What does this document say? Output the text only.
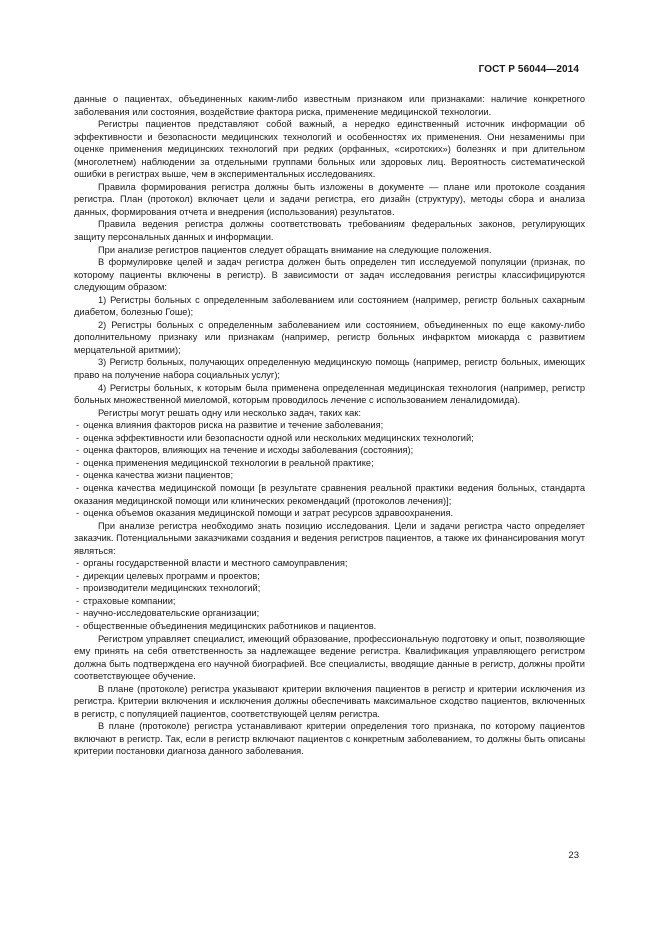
ГОСТ Р 56044—2014

данные о пациентах, объединенных каким-либо известным признаком или признаками: наличие конкретного заболевания или состояния, воздействие фактора риска, применение медицинской технологии.

Регистры пациентов представляют собой важный, а нередко единственный источник информации об эффективности и безопасности медицинских технологий и особенностях их применения. Они незаменимы при оценке применения медицинских технологий при редких (орфанных, «сиротских») болезнях и при длительном (многолетнем) наблюдении за отдельными группами больных или здоровых лиц. Вероятность систематической ошибки в регистрах выше, чем в экспериментальных исследованиях.

Правила формирования регистра должны быть изложены в документе — плане или протоколе создания регистра. План (протокол) включает цели и задачи регистра, его дизайн (структуру), методы сбора и анализа данных, формирования отчета и внедрения (использования) результатов.

Правила ведения регистра должны соответствовать требованиям федеральных законов, регулирующих защиту персональных данных и информации.

При анализе регистров пациентов следует обращать внимание на следующие положения.

В формулировке целей и задач регистра должен быть определен тип исследуемой популяции (признак, по которому пациенты включены в регистр). В зависимости от задач исследования регистры классифицируются следующим образом:

1) Регистры больных с определенным заболеванием или состоянием (например, регистр больных сахарным диабетом, болезнью Гоше);

2) Регистры больных с определенным заболеванием или состоянием, объединенных по еще какому-либо дополнительному признаку или признакам (например, регистр больных инфарктом миокарда с развитием мерцательной аритмии);

3) Регистр больных, получающих определенную медицинскую помощь (например, регистр больных, имеющих право на получение набора социальных услуг);

4) Регистры больных, к которым была применена определенная медицинская технология (например, регистр больных множественной миеломой, которым проводилось лечение с использованием леналидомида).

Регистры могут решать одну или несколько задач, таких как:

- оценка влияния факторов риска на развитие и течение заболевания;

- оценка эффективности или безопасности одной или нескольких медицинских технологий;

- оценка факторов, влияющих на течение и исходы заболевания (состояния);

- оценка применения медицинской технологии в реальной практике;

- оценка качества жизни пациентов;

- оценка качества медицинской помощи [в результате сравнения реальной практики ведения больных, стандарта оказания медицинской помощи или клинических рекомендаций (протоколов лечения)];

- оценка объемов оказания медицинской помощи и затрат ресурсов здравоохранения.

При анализе регистра необходимо знать позицию исследования. Цели и задачи регистра часто определяет заказчик. Потенциальными заказчиками создания и ведения регистров пациентов, а также их финансирования могут являться:

- органы государственной власти и местного самоуправления;

- дирекции целевых программ и проектов;

- производители медицинских технологий;

- страховые компании;

- научно-исследовательские организации;

- общественные объединения медицинских работников и пациентов.

Регистром управляет специалист, имеющий образование, профессиональную подготовку и опыт, позволяющие ему принять на себя ответственность за надлежащее ведение регистра. Квалификация управляющего регистром должна быть подтверждена его научной биографией. Все специалисты, вводящие данные в регистр, должны пройти соответствующее обучение.

В плане (протоколе) регистра указывают критерии включения пациентов в регистр и критерии исключения из регистра. Критерии включения и исключения должны обеспечивать максимальное сходство пациентов, включенных в регистр, с популяцией пациентов, соответствующей целям регистра.

В плане (протоколе) регистра устанавливают критерии определения того признака, по которому пациентов включают в регистр. Так, если в регистр включают пациентов с конкретным заболеванием, то должны быть описаны критерии постановки диагноза данного заболевания.

23
